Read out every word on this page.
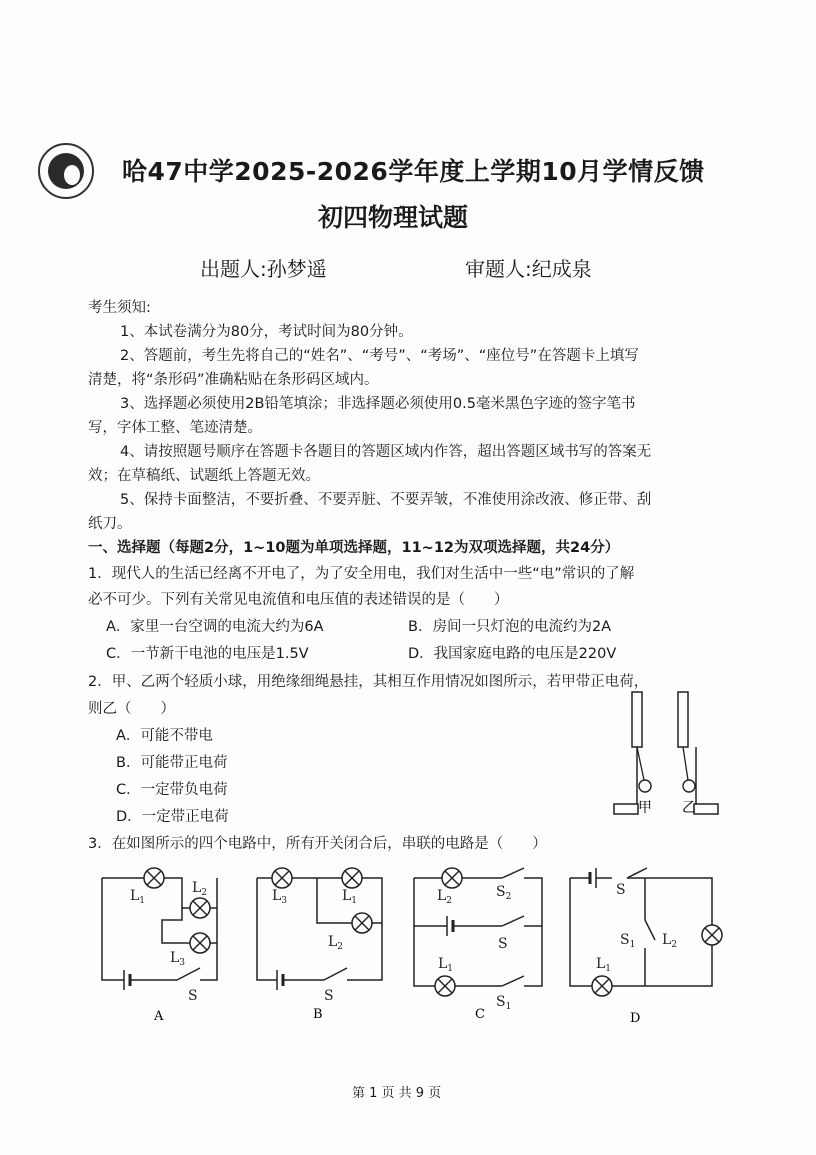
哈47中学2025-2026学年度上学期10月学情反馈
初四物理试题
出题人:孙梦遥	审题人:纪成泉
考生须知:
1、本试卷满分为80分，考试时间为80分钟。
2、答题前，考生先将自己的“姓名”、“考号”、“考场”、“座位号”在答题卡上填写
清楚，将“条形码”准确粘贴在条形码区域内。
3、选择题必须使用2B铅笔填涂；非选择题必须使用0.5毫米黑色字迹的签字笔书
写，字体工整、笔迹清楚。
4、请按照题号顺序在答题卡各题目的答题区域内作答，超出答题区域书写的答案无
效；在草稿纸、试题纸上答题无效。
5、保持卡面整洁，不要折叠、不要弄脏、不要弄皱，不准使用涂改液、修正带、刮
纸刀。
一、选择题（每题2分，1~10题为单项选择题，11~12为双项选择题，共24分）
1．现代人的生活已经离不开电了，为了安全用电，我们对生活中一些“电”常识的了解
必不可少。下列有关常见电流值和电压值的表述错误的是（　　）
A．家里一台空调的电流大约为6A	B．房间一只灯泡的电流约为2A
C．一节新干电池的电压是1.5V	D．我国家庭电路的电压是220V
2．甲、乙两个轻质小球，用绝缘细绳悬挂，其相互作用情况如图所示，若甲带正电荷，
则乙（　　）
A．可能不带电
B．可能带正电荷
C．一定带负电荷
D．一定带正电荷
甲 乙
3．在如图所示的四个电路中，所有开关闭合后，串联的电路是（　　）
$L_1$
$L_2$
$L_3$
S
$L_3$	$L_1$
$L_2$
S
$L_2$
$S_2$
S
$L_1$
$S_1$
S
$S_1$ $L_2$
$L_1$
A	B	C	D
第 1 页 共 9 页
